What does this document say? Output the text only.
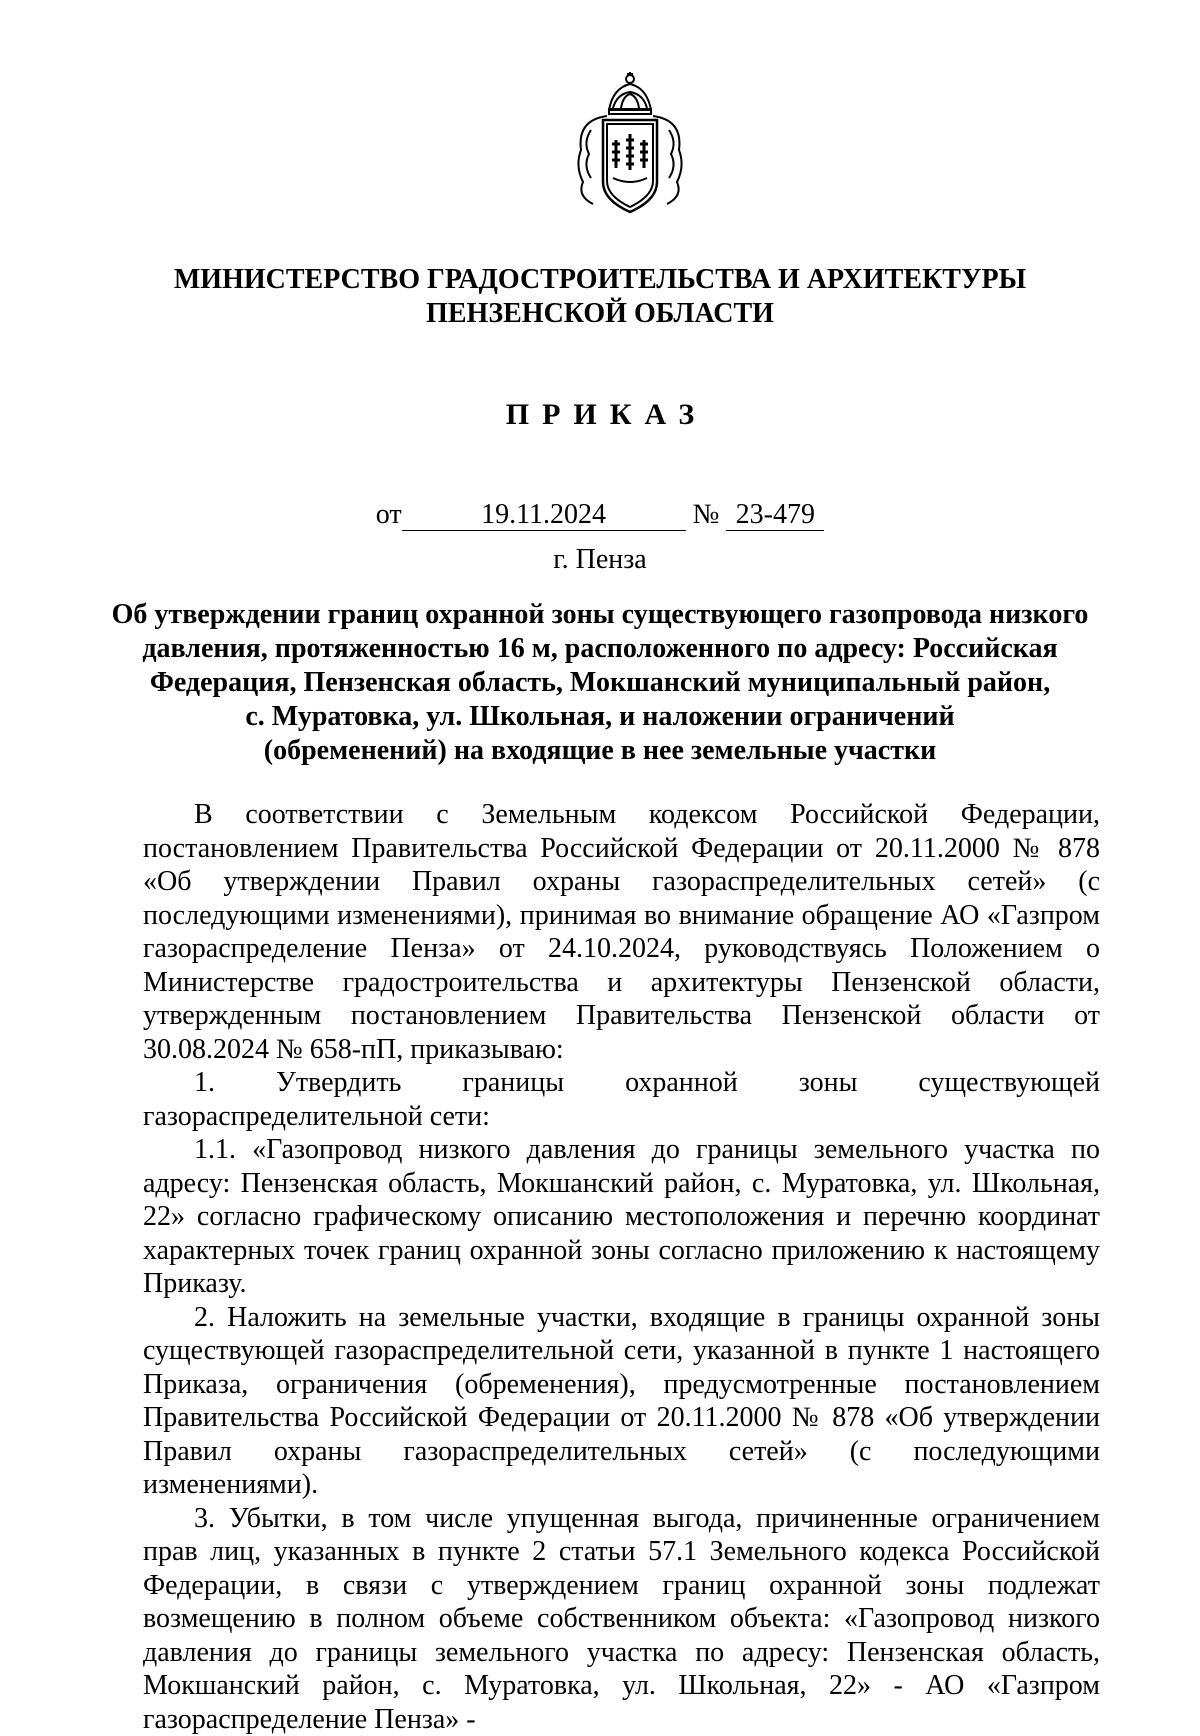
МИНИСТЕРСТВО ГРАДОСТРОИТЕЛЬСТВА И АРХИТЕКТУРЫ
ПЕНЗЕНСКОЙ ОБЛАСТИ
ПРИКАЗ
от	19.11.2024	№ 23-479
г. Пенза
Об утверждении границ охранной зоны существующего газопровода низкого
давления, протяженностью 16 м, расположенного по адресу: Российская
Федерация, Пензенская область, Мокшанский муниципальный район,
с. Муратовка, ул. Школьная, и наложении ограничений
(обременений) на входящие в нее земельные участки

В соответствии с Земельным кодексом Российской Федерации, постановлением Правительства Российской Федерации от 20.11.2000 № 878 «Об утверждении Правил охраны газораспределительных сетей» (с последующими изменениями), принимая во внимание обращение АО «Газпром газораспределение Пенза» от 24.10.2024, руководствуясь Положением о Министерстве градостроительства и архитектуры Пензенской области, утвержденным постановлением Правительства Пензенской области от 30.08.2024 № 658-пП, приказываю:

1. Утвердить границы охранной зоны существующей газораспределительной сети:

1.1. «Газопровод низкого давления до границы земельного участка по адресу: Пензенская область, Мокшанский район, с. Муратовка, ул. Школьная, 22» согласно графическому описанию местоположения и перечню координат характерных точек границ охранной зоны согласно приложению к настоящему Приказу.

2. Наложить на земельные участки, входящие в границы охранной зоны существующей газораспределительной сети, указанной в пункте 1 настоящего Приказа, ограничения (обременения), предусмотренные постановлением Правительства Российской Федерации от 20.11.2000 № 878 «Об утверждении Правил охраны газораспределительных сетей» (с последующими изменениями).

3. Убытки, в том числе упущенная выгода, причиненные ограничением прав лиц, указанных в пункте 2 статьи 57.1 Земельного кодекса Российской Федерации, в связи с утверждением границ охранной зоны подлежат возмещению в полном объеме собственником объекта: «Газопровод низкого давления до границы земельного участка по адресу: Пензенская область, Мокшанский район, с. Муратовка, ул. Школьная, 22» - АО «Газпром газораспределение Пенза» -
